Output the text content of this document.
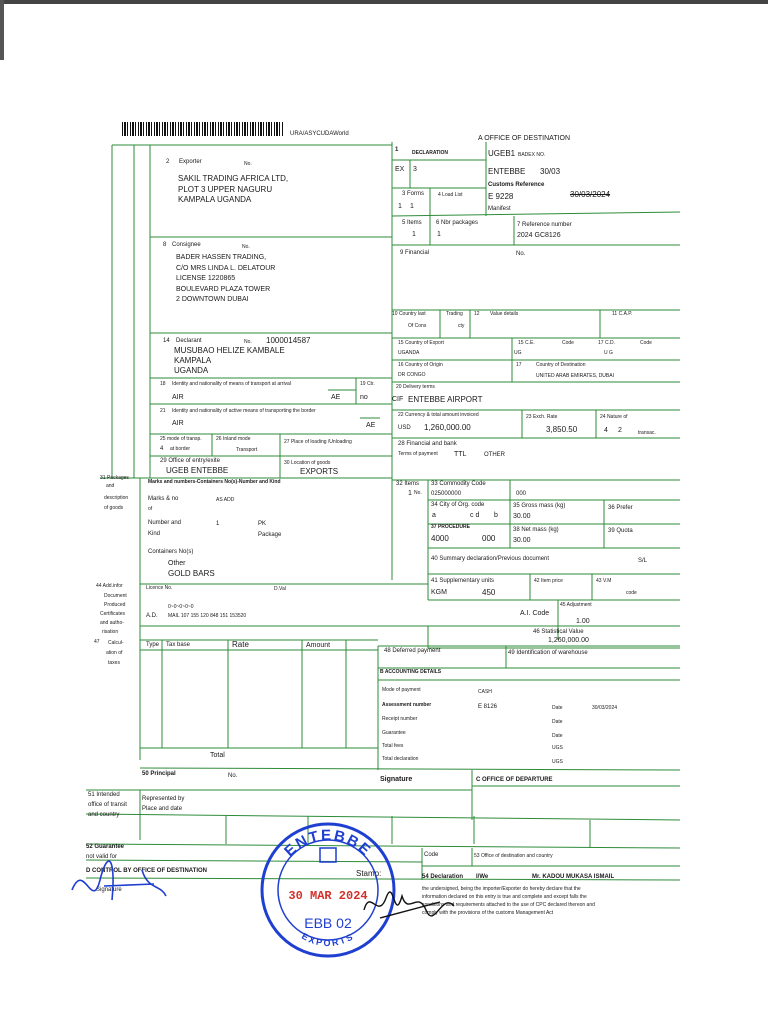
URA/ASYCUDAWorld
A OFFICE OF DESTINATION
1	DECLARATION
EX 3
UGEB1 BADEX NO.
ENTEBBE 30/03
Customs Reference
E 9228	30/03/2024
Manifest
2 Exporter	No.
SAKIL TRADING AFRICA LTD,
PLOT 3 UPPER NAGURU
KAMPALA UGANDA
3 Forms	4 Load List
1 1
5 Items
1
6 Nbr packages
1
7 Reference number
2024 GC8126
8 Consignee	No.
BADER HASSEN TRADING,
C/O MRS LINDA L. DELATOUR
LICENSE 1220865
BOULEVARD PLAZA TOWER
2 DOWNTOWN DUBAI
9 Financial	No.
10 Country last
Of Cons
Trading
cty
12 Value details	11 C.A.P.
14 Declarant	No. 1000014587
MUSUBAO HELIZE KAMBALE
KAMPALA
UGANDA
15 Country of Export
UGANDA
15 C.E.	Code
UG
17 C.D.	Code
U G
16 Country of Origin
DR CONGO
17	Country of Destination
UNITED ARAB EMIRATES, DUBAI
18 Identity and nationality of means of transport at arrival
AIR	AE
19 Ctr.
no
20 Delivery terms
CIF ENTEBBE AIRPORT
21 Identity and nationality of active means of transporting the border
AIR	AE
22 Currency & total amount invoiced
USD 1,260,000.00
23 Exch. Rate
3,850.50
24 Nature of
4 2	transac.
25 mode of transp.
4 at border
26 Inland mode
Transport
27 Place of loading /Unloading	28 Financial and bank
Terms of payment TTL	OTHER
29 Office of entry/exite
UGEB ENTEBBE
30 Location of goods
EXPORTS
31 Packages
and
description
of goods
Marks and numbers-Containers No(s)-Number and Kind
Marks & no
of
AS ADD
Number and
Kind
1	PK
Package
Containers No(s)
Other
GOLD BARS
32 Items
1 No.
33 Commodity Code
025000000	000
34 City of Org. code
a	c d b
35 Gross mass (kg)
30.00
36 Prefer
37 PROCEDURE
4000	000
38 Net mass (kg)
30.00
39 Quota
40 Summary declaration/Previous document	S/L
41 Supplementary units
KGM	450
42 Item price	43 V.M
code
44 Add.infor
Document
Produced
Certificates
and autho-
risation
Licence No.	D.Val
0~0~0~0~0
A.D. MAIL 107 155 120 848 151 153520
45 Adjustment
A.I. Code
1.00
46 Statistical Value
1,260,000.00
47 Calcul-
ation of
taxes
Type Tax base	Rate	Amount
Total
48 Deferred payment	49 Identification of warehouse
B ACCOUNTING DETAILS
Mode of payment	CASH
Assessment number	E 8126	Date	30/03/2024
Receipt number	Date
Guarantee	Date
Total fees	UGS
Total declaration	UGS
50 Principal	No.	Signature	C OFFICE OF DEPARTURE
51 Intended
office of transit
and country
Represented by
Place and date
52 Guarantee
not valid for	Code	53 Office of destination and country
D CONTROL BY OFFICE OF DESTINATION	Stamp:
Signature
54 Declaration I/We	Mr. KADOU MUKASA ISMAIL
the undersigned, being the importer/Exporter do hereby declare that the
information declared on this entry is true and complete and except falls the
conditions and requirements attached to the use of CPC declared thereon and
comply with the provisions of the customs Management Act
ENTEBBE
EXPORTS
30 MAR 2024
EBB 02
